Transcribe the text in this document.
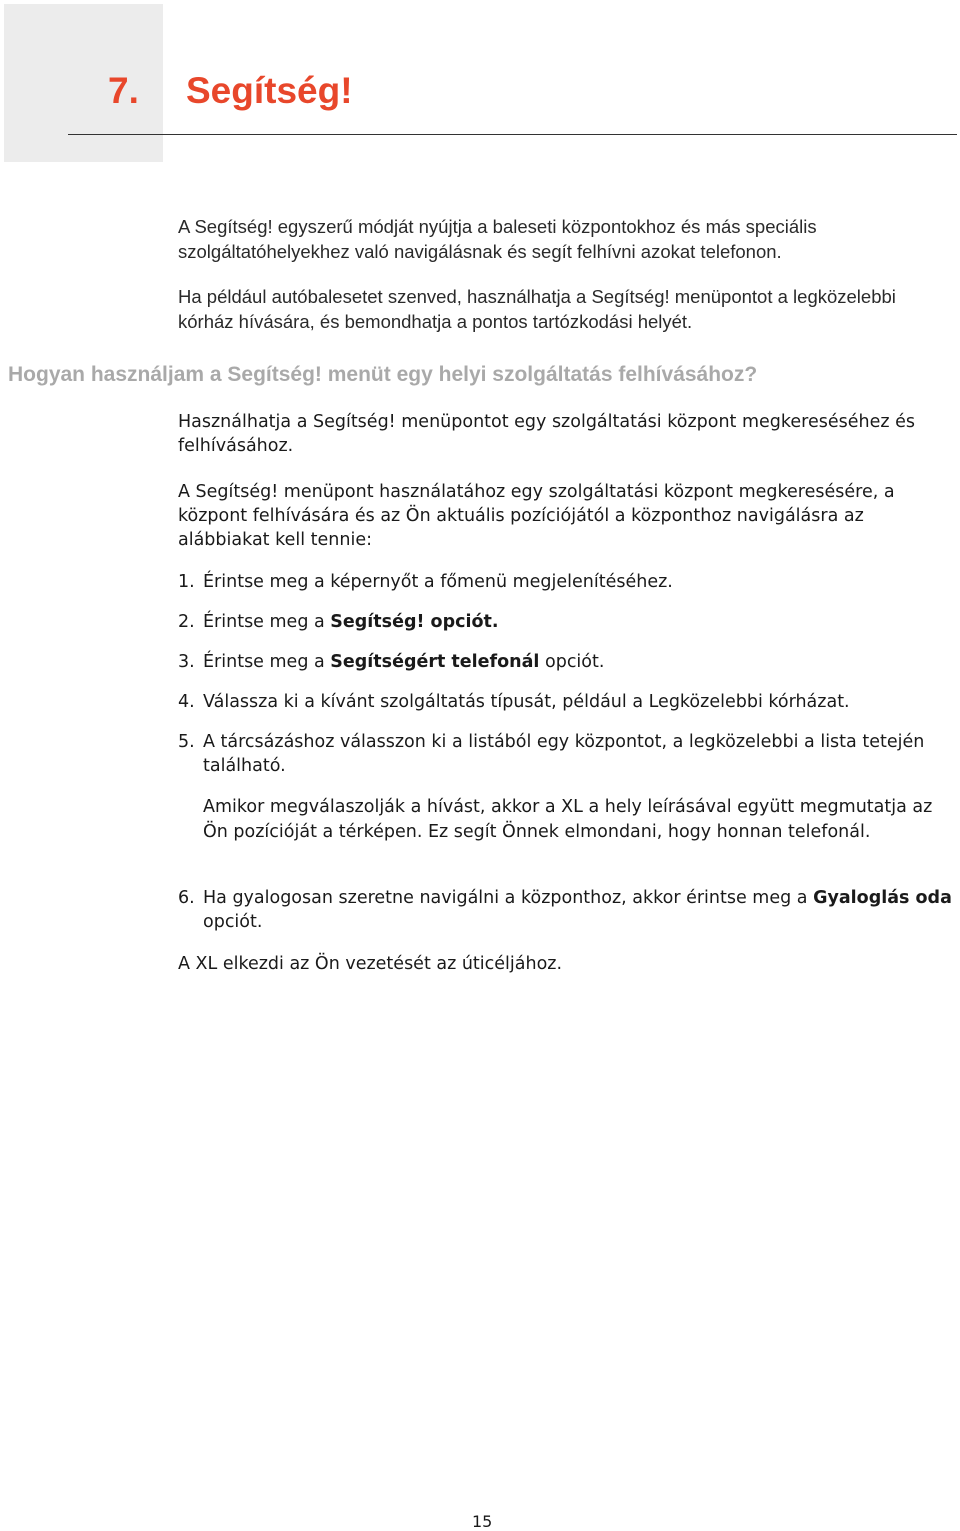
7. Segítség!

A Segítség! egyszerű módját nyújtja a baleseti központokhoz és más speciális szolgáltatóhelyekhez való navigálásnak és segít felhívni azokat telefonon.

Ha például autóbalesetet szenved, használhatja a Segítség! menüpontot a legközelebbi kórház hívására, és bemondhatja a pontos tartózkodási helyét.

Hogyan használjam a Segítség! menüt egy helyi szolgáltatás felhívásához?

Használhatja a Segítség! menüpontot egy szolgáltatási központ megkereséséhez és felhívásához.

A Segítség! menüpont használatához egy szolgáltatási központ megkeresésére, a központ felhívására és az Ön aktuális pozíciójától a központhoz navigálásra az alábbiakat kell tennie:

1. Érintse meg a képernyőt a főmenü megjelenítéséhez.
2. Érintse meg a Segítség! opciót.
3. Érintse meg a Segítségért telefonál opciót.
4. Válassza ki a kívánt szolgáltatás típusát, például a Legközelebbi kórházat.
5. A tárcsázáshoz válasszon ki a listából egy központot, a legközelebbi a lista tetején található.

Amikor megválaszolják a hívást, akkor a XL a hely leírásával együtt megmutatja az Ön pozícióját a térképen. Ez segít Önnek elmondani, hogy honnan telefonál.

6. Ha gyalogosan szeretne navigálni a központhoz, akkor érintse meg a Gyaloglás oda opciót.

A XL elkezdi az Ön vezetését az úticéljához.

15
